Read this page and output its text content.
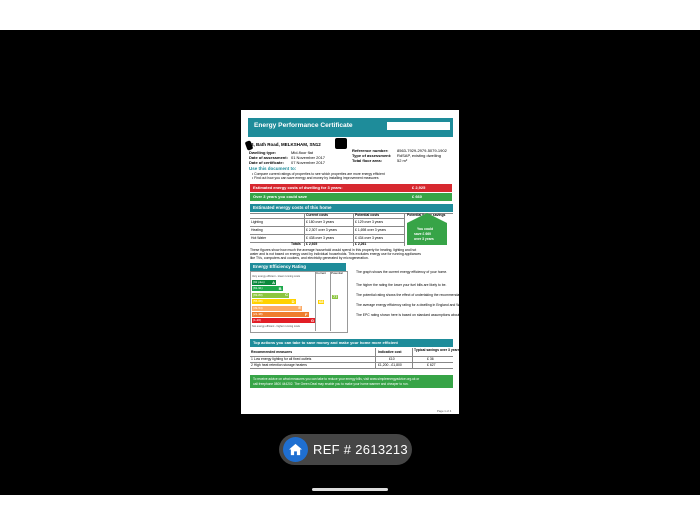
Energy Performance Certificate
3, Bath Road, MELKSHAM, SN12
Dwelling type:	Mid-floor flat
Date of assessment: 01 November 2017
Date of certificate: 07 November 2017
Reference number: 8563-7929-2979-5079-1902
Type of assessment: RdSAP, existing dwelling
Total floor area:	52 m²
Use this document to:
• Compare current ratings of properties to see which properties are more energy efficient
• Find out how you can save energy and money by installing improvement measures
Estimated energy costs of dwelling for 3 years:	£ 2,925
Over 3 years you could save	£ 660
Estimated energy costs of this home
Current costs	Potential costs	Potential future savings
Lighting	£ 180 over 3 years	£ 129 over 3 years
Heating	£ 2,307 over 3 years	£ 1,698 over 3 years
Hot Water	£ 438 over 3 years	£ 434 over 3 years
Totals £ 2,925	£ 2,261
You could
save £ 660
over 3 years
These figures show how much the average household would spend in this property for heating, lighting and hot
water and is not based on energy used by individual households. This excludes energy use for running appliances
like TVs, computers and cookers, and electricity generated by microgeneration.
Energy Efficiency Rating
Current Potential
Very energy efficient - lower running costs
Not energy efficient - higher running costs
(92 plus) A
(81-91)	B
(69-80)	C
(55-68)	D
(39-54)	E
(21-38)	F
(1-20)	G
68
77
The graph shows the current energy efficiency of your home.
The higher the rating the lower your fuel bills are likely to be.
The potential rating shows the effect of undertaking the recommendations on page 3.
The average energy efficiency rating for a dwelling in England and Wales is band D (rating 60).
The EPC rating shown here is based on standard assumptions about occupancy and energy use and may not reflect how energy is consumed by individual occupants.
Top actions you can take to save money and make your home more efficient
Recommended measures	Indicative cost	Typical savings over 3 years
1 Low energy lighting for all fixed outlets	£10	£ 36
2 High heat retention storage heaters	£1,200 - £1,800	£ 627
To receive advice on what measures you can take to reduce your energy bills, visit www.simpleenergyadvice.org.uk or
call freephone 0800 444202. The Green Deal may enable you to make your home warmer and cheaper to run.
Page 1 of 4
REF # 2613213
